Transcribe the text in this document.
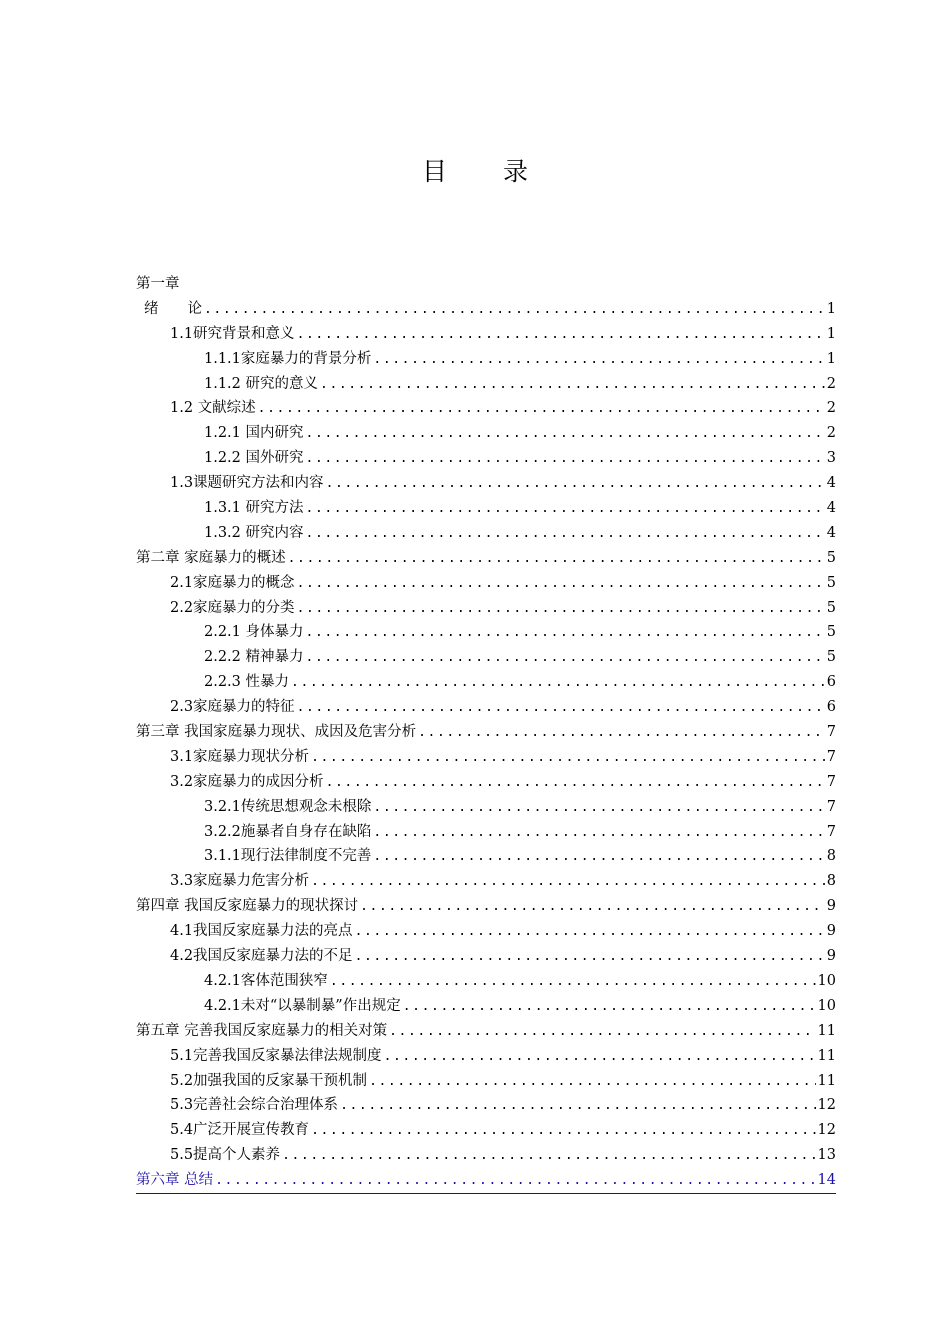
目 录
第一章
绪　　论 .....	1
1.1研究背景和意义 .....	1
1.1.1家庭暴力的背景分析 .....	1
1.1.2 研究的意义 .....	2
1.2 文献综述 .....	2
1.2.1 国内研究 .....	2
1.2.2 国外研究 .....	3
1.3课题研究方法和内容 .....	4
1.3.1 研究方法 .....	4
1.3.2 研究内容 .....	4
第二章 家庭暴力的概述 .....	5
2.1家庭暴力的概念 .....	5
2.2家庭暴力的分类 .....	5
2.2.1 身体暴力 .....	5
2.2.2 精神暴力 .....	5
2.2.3 性暴力 .....	6
2.3家庭暴力的特征 .....	6
第三章 我国家庭暴力现状、成因及危害分析 .....	7
3.1家庭暴力现状分析 .....	7
3.2家庭暴力的成因分析 .....	7
3.2.1传统思想观念未根除 .....	7
3.2.2施暴者自身存在缺陷 .....	7
3.1.1现行法律制度不完善 .....	8
3.3家庭暴力危害分析 .....	8
第四章 我国反家庭暴力的现状探讨 .....	9
4.1我国反家庭暴力法的亮点 .....	9
4.2我国反家庭暴力法的不足 .....	9
4.2.1客体范围狭窄 .....	10
4.2.1未对“以暴制暴”作出规定 .....	10
第五章 完善我国反家庭暴力的相关对策 .....	11
5.1完善我国反家暴法律法规制度 .....	11
5.2加强我国的反家暴干预机制 .....	11
5.3完善社会综合治理体系 .....	12
5.4广泛开展宣传教育 .....	12
5.5提高个人素养 .....	13
第六章 总结 .....	14
